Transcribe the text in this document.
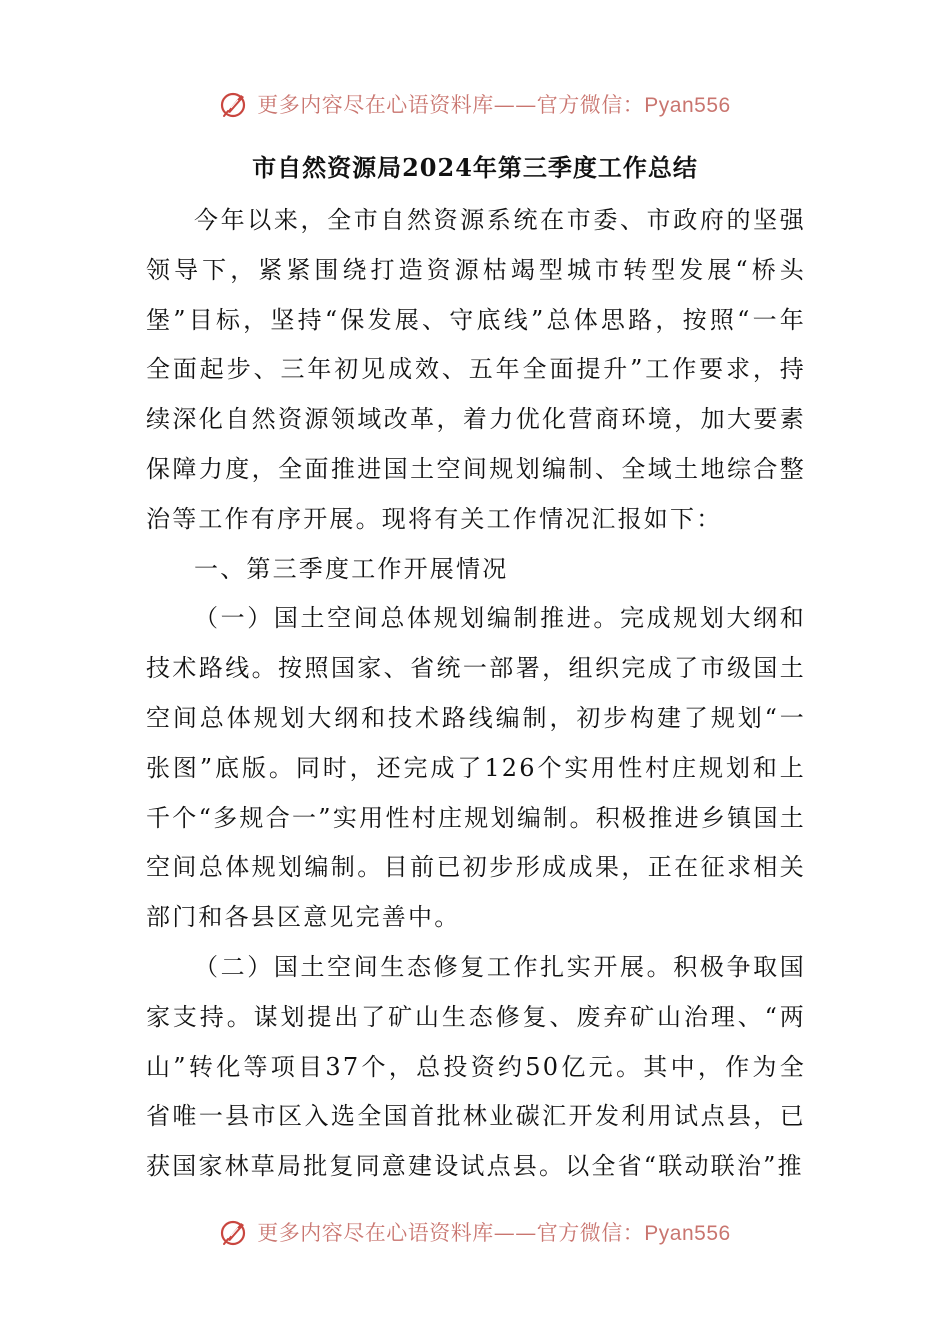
更多内容尽在心语资料库——官方微信：Pyan556
市自然资源局2024年第三季度工作总结

今年以来，全市自然资源系统在市委、市政府的坚强领导下，紧紧围绕打造资源枯竭型城市转型发展“桥头堡”目标，坚持“保发展、守底线”总体思路，按照“一年全面起步、三年初见成效、五年全面提升”工作要求，持续深化自然资源领域改革，着力优化营商环境，加大要素保障力度，全面推进国土空间规划编制、全域土地综合整治等工作有序开展。现将有关工作情况汇报如下：

一、第三季度工作开展情况

（一）国土空间总体规划编制推进。完成规划大纲和技术路线。按照国家、省统一部署，组织完成了市级国土空间总体规划大纲和技术路线编制，初步构建了规划“一张图”底版。同时，还完成了126个实用性村庄规划和上千个“多规合一”实用性村庄规划编制。积极推进乡镇国土空间总体规划编制。目前已初步形成成果，正在征求相关部门和各县区意见完善中。

（二）国土空间生态修复工作扎实开展。积极争取国家支持。谋划提出了矿山生态修复、废弃矿山治理、“两山”转化等项目37个，总投资约50亿元。其中，作为全省唯一县市区入选全国首批林业碳汇开发利用试点县，已获国家林草局批复同意建设试点县。以全省“联动联治”推

更多内容尽在心语资料库——官方微信：Pyan556
